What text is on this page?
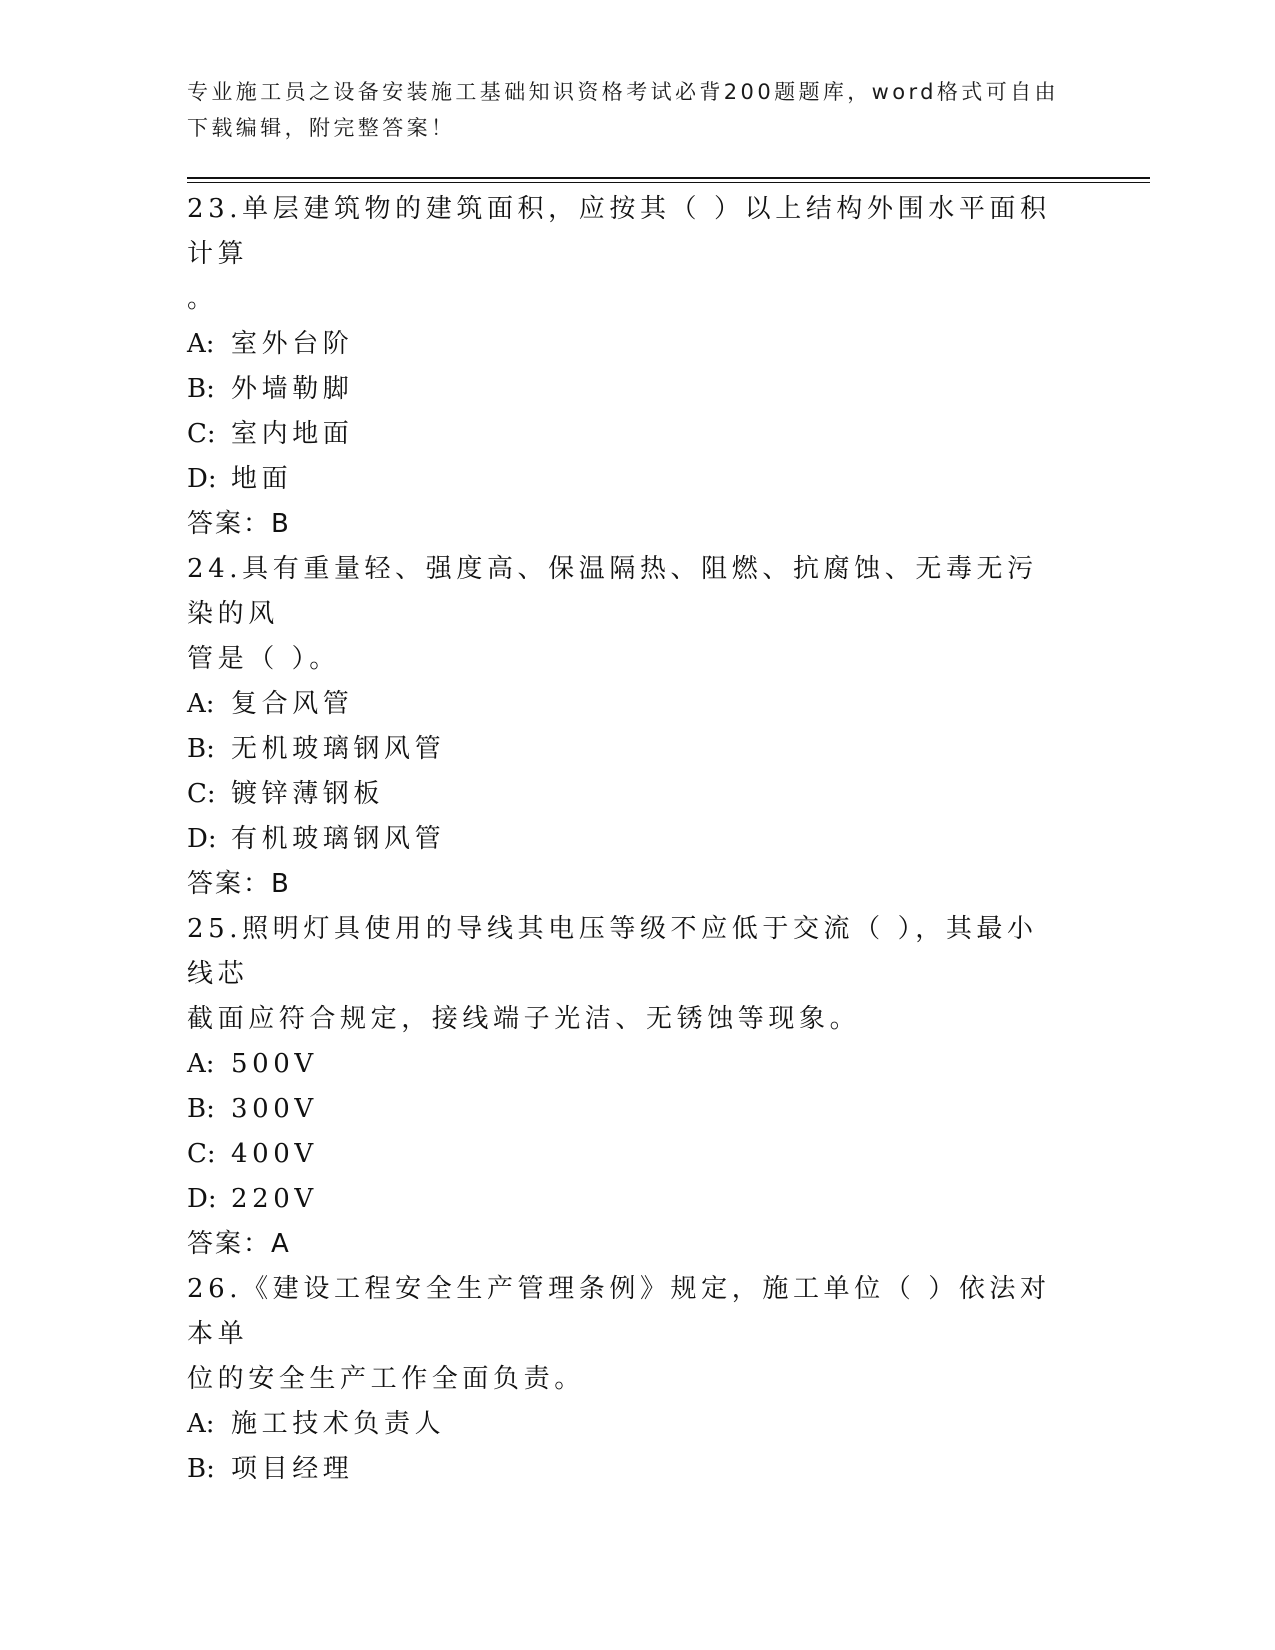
专业施工员之设备安装施工基础知识资格考试必背200题题库，word格式可自由
下载编辑，附完整答案！
23.单层建筑物的建筑面积，应按其（ ）以上结构外围水平面积计算
。
A: 室外台阶
B: 外墙勒脚
C: 室内地面
D: 地面
答案：B
24.具有重量轻、强度高、保温隔热、阻燃、抗腐蚀、无毒无污染的风
管是（ ）。
A: 复合风管
B: 无机玻璃钢风管
C: 镀锌薄钢板
D: 有机玻璃钢风管
答案：B
25.照明灯具使用的导线其电压等级不应低于交流（ ），其最小线芯
截面应符合规定，接线端子光洁、无锈蚀等现象。
A: 500V
B: 300V
C: 400V
D: 220V
答案：A
26.《建设工程安全生产管理条例》规定，施工单位（ ）依法对本单
位的安全生产工作全面负责。
A: 施工技术负责人
B: 项目经理
